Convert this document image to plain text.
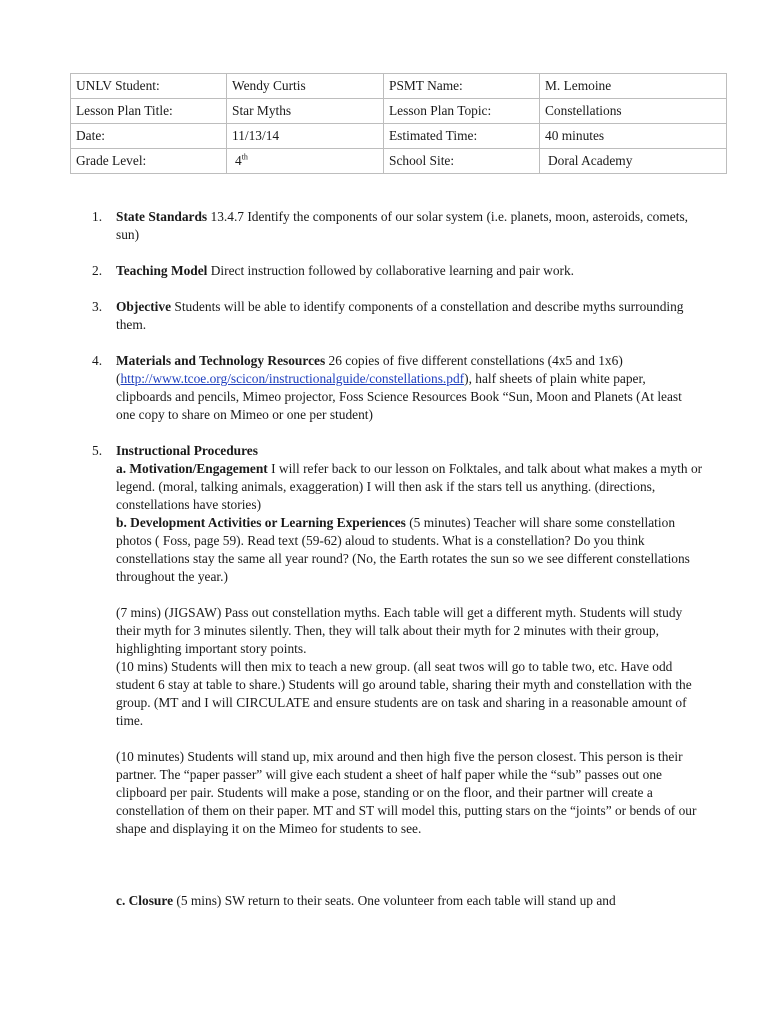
UNLV Student:	Wendy Curtis	PSMT Name:	M. Lemoine
Lesson Plan Title:	Star Myths	Lesson Plan Topic:	Constellations
Date:	11/13/14	Estimated Time:	40 minutes
Grade Level:	4th	School Site:	Doral Academy
1. State Standards 13.4.7 Identify the components of our solar system (i.e. planets, moon, asteroids, comets, sun)
2. Teaching Model Direct instruction followed by collaborative learning and pair work.
3. Objective Students will be able to identify components of a constellation and describe myths surrounding them.
4. Materials and Technology Resources 26 copies of five different constellations (4x5 and 1x6) (http://www.tcoe.org/scicon/instructionalguide/constellations.pdf), half sheets of plain white paper, clipboards and pencils, Mimeo projector, Foss Science Resources Book “Sun, Moon and Planets (At least one copy to share on Mimeo or one per student)
5. Instructional Procedures
a. Motivation/Engagement I will refer back to our lesson on Folktales, and talk about what makes a myth or legend. (moral, talking animals, exaggeration) I will then ask if the stars tell us anything. (directions, constellations have stories)
b. Development Activities or Learning Experiences (5 minutes) Teacher will share some constellation photos ( Foss, page 59). Read text (59-62) aloud to students. What is a constellation? Do you think constellations stay the same all year round? (No, the Earth rotates the sun so we see different constellations throughout the year.)
(7 mins) (JIGSAW) Pass out constellation myths. Each table will get a different myth. Students will study their myth for 3 minutes silently. Then, they will talk about their myth for 2 minutes with their group, highlighting important story points.
(10 mins) Students will then mix to teach a new group. (all seat twos will go to table two, etc. Have odd student 6 stay at table to share.) Students will go around table, sharing their myth and constellation with the group. (MT and I will CIRCULATE and ensure students are on task and sharing in a reasonable amount of time.
(10 minutes) Students will stand up, mix around and then high five the person closest. This person is their partner. The “paper passer” will give each student a sheet of half paper while the “sub” passes out one clipboard per pair. Students will make a pose, standing or on the floor, and their partner will create a constellation of them on their paper. MT and ST will model this, putting stars on the “joints” or bends of our shape and displaying it on the Mimeo for students to see.
c. Closure (5 mins) SW return to their seats. One volunteer from each table will stand up and
